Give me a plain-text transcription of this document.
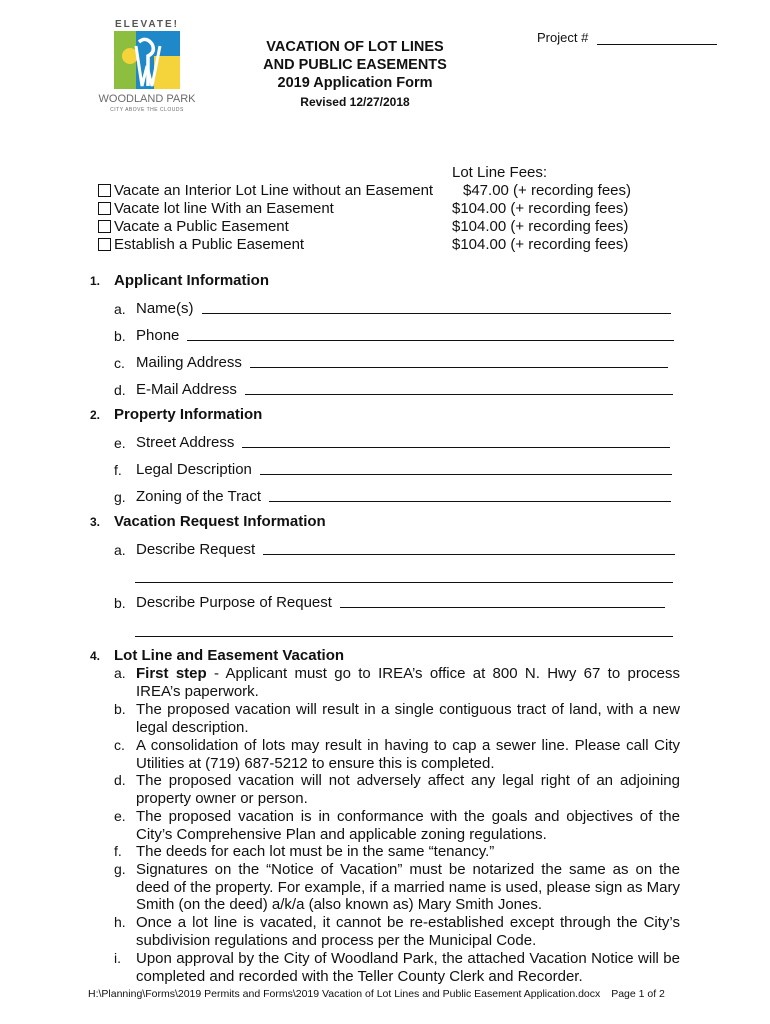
ELEVATE!
WOODLAND PARK
CITY ABOVE THE CLOUDS
Project #
VACATION OF LOT LINES
AND PUBLIC EASEMENTS
2019 Application Form
Revised 12/27/2018
Vacate an Interior Lot Line without an Easement
Vacate lot line With an Easement
Vacate a Public Easement
Establish a Public Easement
Lot Line Fees:
$47.00 (+ recording fees)
$104.00 (+ recording fees)
$104.00 (+ recording fees)
$104.00 (+ recording fees)
1. Applicant Information
a. Name(s)
b. Phone
c. Mailing Address
d. E-Mail Address
2. Property Information
e. Street Address
f. Legal Description
g. Zoning of the Tract
3. Vacation Request Information
a. Describe Request
b. Describe Purpose of Request
4. Lot Line and Easement Vacation
a. First step - Applicant must go to IREA’s office at 800 N. Hwy 67 to process IREA’s paperwork.
b. The proposed vacation will result in a single contiguous tract of land, with a new legal description.
c. A consolidation of lots may result in having to cap a sewer line. Please call City Utilities at (719) 687-5212 to ensure this is completed.
d. The proposed vacation will not adversely affect any legal right of an adjoining property owner or person.
e. The proposed vacation is in conformance with the goals and objectives of the City’s Comprehensive Plan and applicable zoning regulations.
f. The deeds for each lot must be in the same “tenancy.”
g. Signatures on the “Notice of Vacation” must be notarized the same as on the deed of the property. For example, if a married name is used, please sign as Mary Smith (on the deed) a/k/a (also known as) Mary Smith Jones.
h. Once a lot line is vacated, it cannot be re-established except through the City’s subdivision regulations and process per the Municipal Code.
i.	Upon approval by the City of Woodland Park, the attached Vacation Notice will be completed and recorded with the Teller County Clerk and Recorder.
H:\Planning\Forms\2019 Permits and Forms\2019 Vacation of Lot Lines and Public Easement Application.docx Page 1 of 2
